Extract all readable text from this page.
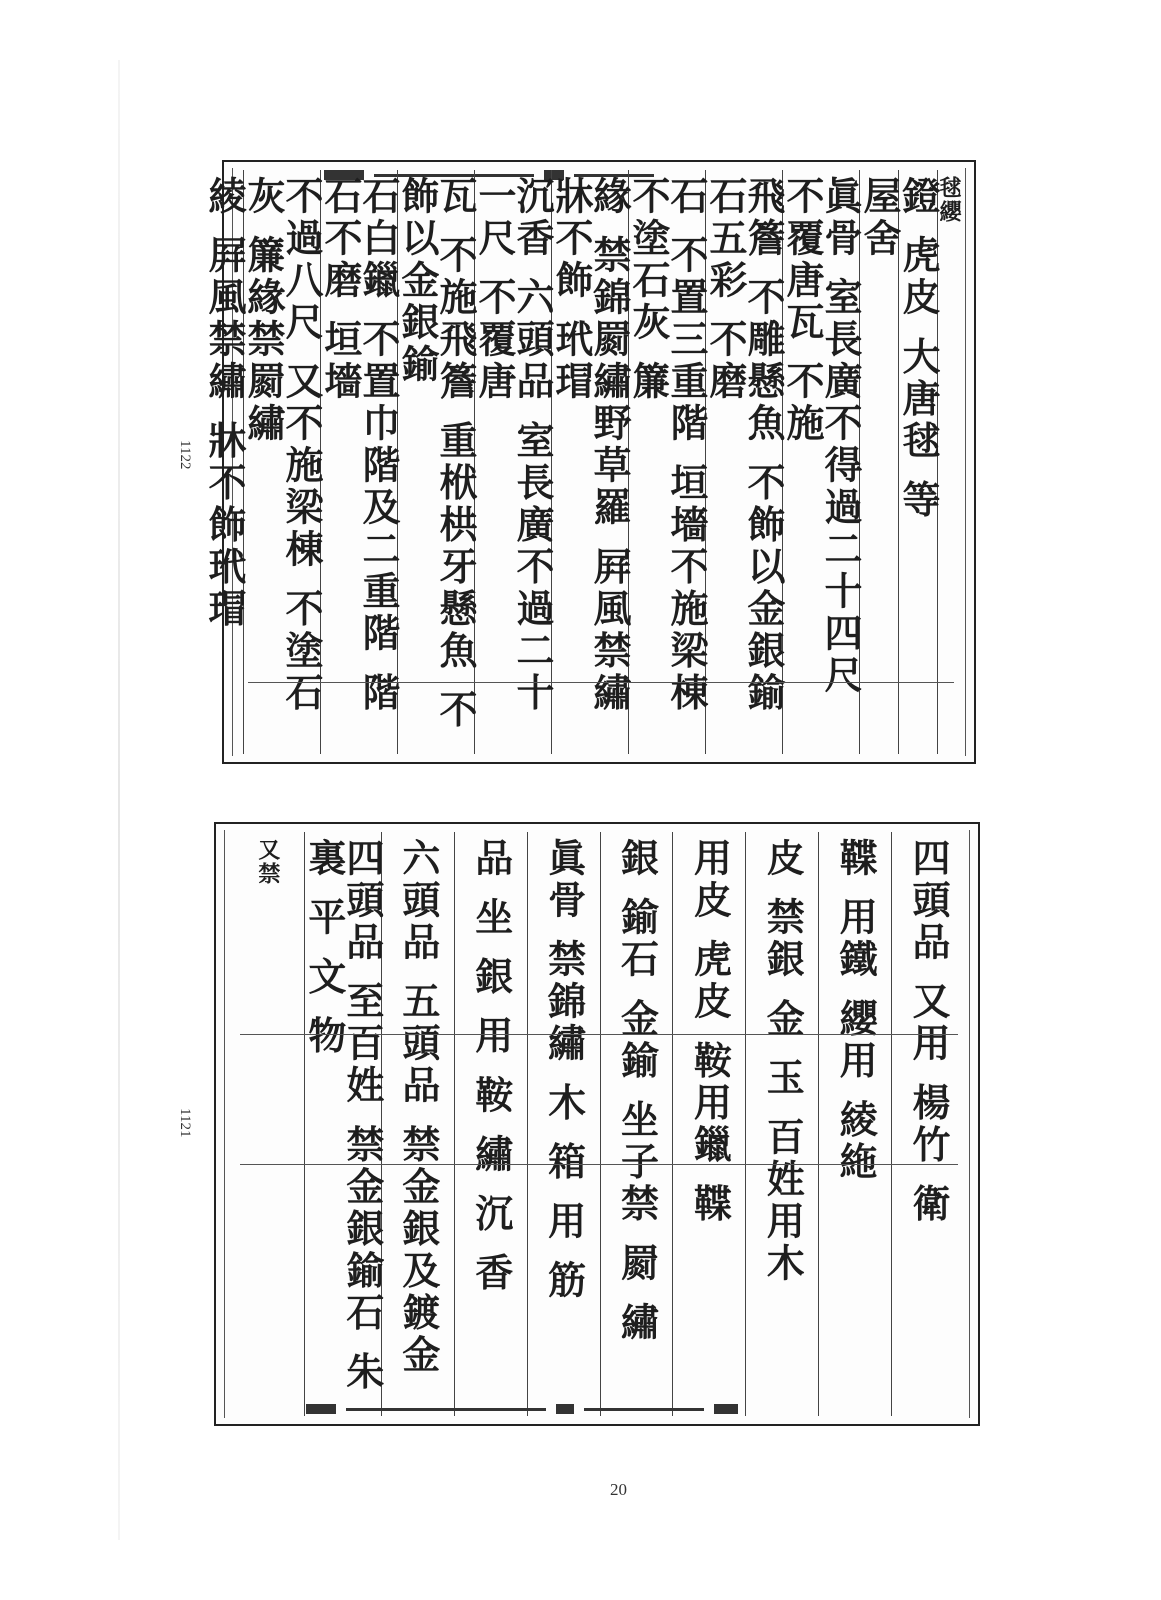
1122
1121
毬纓
鐙 虎皮 大唐毬 等
屋舍
眞骨 室長廣不得過二十四尺 不覆唐瓦 不施
飛簷 不雕懸魚 不飾以金銀鍮石五彩 不磨
石 不置三重階 垣墻不施梁棟 不塗石灰 簾
緣 禁錦罽繡野草羅 屛風禁繡 牀不飾 玳瑁
沉香 六頭品 室長廣不過二十一尺 不覆唐
瓦 不施飛簷 重栿栱牙懸魚 不飾以金銀鍮
石白鑞 不置巾階及二重階 階石不磨 垣墻
不過八尺 又不施梁棟 不塗石灰 簾緣禁罽繡
綾 屛風禁繡 牀不飾玳瑁
四頭品 又用 楊竹 衛
鞢 用鐵 纓用 綾絁
皮 禁銀 金 玉 百姓用木
用皮 虎皮 鞍用鑞 鞢
銀 鍮石 金鍮 坐子禁 罽 繡
眞骨 禁錦繡 木 箱 用 筋
品 坐 銀 用 鞍 繡 沉 香
六頭品 五頭品 禁金銀及鍍金
四頭品 至百姓 禁金銀鍮石 朱 裏 平 文 物
又禁
20
